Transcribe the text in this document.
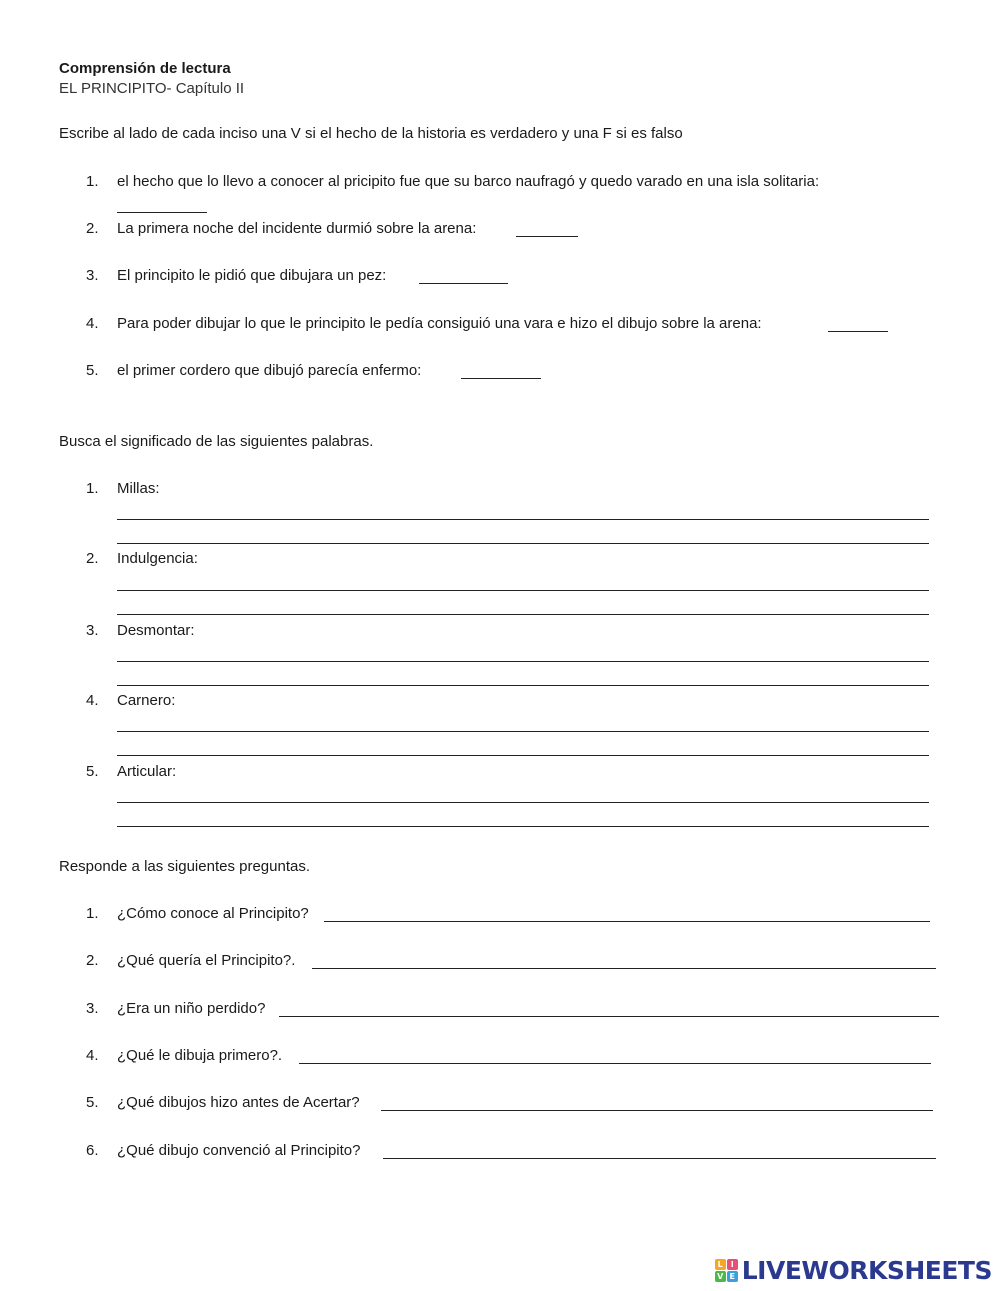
Comprensión de lectura
EL PRINCIPITO- Capítulo II
Escribe al lado de cada inciso una V si el hecho de la historia es verdadero y una F si es falso
1. el hecho que lo llevo a conocer al pricipito fue que su barco naufragó y quedo varado en una isla solitaria:
2. La primera noche del incidente durmió sobre la arena:
3. El principito le pidió que dibujara un pez:
4. Para poder dibujar lo que le principito le pedía consiguió una vara e hizo el dibujo sobre la arena:
5. el primer cordero que dibujó parecía enfermo:
Busca el significado de las siguientes palabras.
1. Millas:
2. Indulgencia:
3. Desmontar:
4. Carnero:
5. Articular:
Responde a las siguientes preguntas.
1. ¿Cómo conoce al Principito?
2. ¿Qué quería el Principito?.
3. ¿Era un niño perdido?
4. ¿Qué le dibuja primero?.
5. ¿Qué dibujos hizo antes de Acertar?
6. ¿Qué dibujo convenció al Principito?
L I
V E LIVEWORKSHEETS
